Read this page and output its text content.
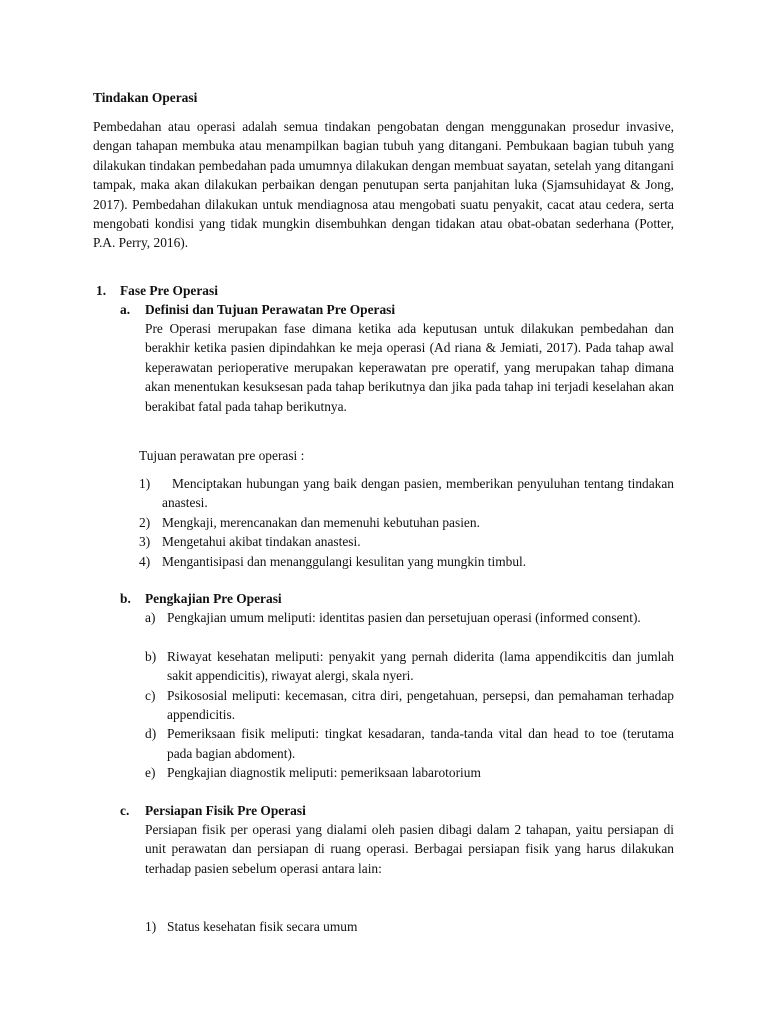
Tindakan Operasi

Pembedahan atau operasi adalah semua tindakan pengobatan dengan menggunakan prosedur invasive, dengan tahapan membuka atau menampilkan bagian tubuh yang ditangani. Pembukaan bagian tubuh yang dilakukan tindakan pembedahan pada umumnya dilakukan dengan membuat sayatan, setelah yang ditangani tampak, maka akan dilakukan perbaikan dengan penutupan serta panjahitan luka (Sjamsuhidayat & Jong, 2017). Pembedahan dilakukan untuk mendiagnosa atau mengobati suatu penyakit, cacat atau cedera, serta mengobati kondisi yang tidak mungkin disembuhkan dengan tidakan atau obat-obatan sederhana (Potter, P.A. Perry, 2016).

1. Fase Pre Operasi
a. Definisi dan Tujuan Perawatan Pre Operasi

Pre Operasi merupakan fase dimana ketika ada keputusan untuk dilakukan pembedahan dan berakhir ketika pasien dipindahkan ke meja operasi (Ad riana & Jemiati, 2017). Pada tahap awal keperawatan perioperative merupakan keperawatan pre operatif, yang merupakan tahap dimana akan menentukan kesuksesan pada tahap berikutnya dan jika pada tahap ini terjadi keselahan akan berakibat fatal pada tahap berikutnya.

Tujuan perawatan pre operasi :
1)	Menciptakan hubungan yang baik dengan pasien, memberikan penyuluhan tentang tindakan anastesi.
2) Mengkaji, merencanakan dan memenuhi kebutuhan pasien.
3) Mengetahui akibat tindakan anastesi.
4) Mengantisipasi dan menanggulangi kesulitan yang mungkin timbul.
b. Pengkajian Pre Operasi
a) Pengkajian umum meliputi: identitas pasien dan persetujuan operasi (informed consent).
b) Riwayat kesehatan meliputi: penyakit yang pernah diderita (lama appendikcitis dan jumlah sakit appendicitis), riwayat alergi, skala nyeri.
c) Psikososial meliputi: kecemasan, citra diri, pengetahuan, persepsi, dan pemahaman terhadap appendicitis.
d) Pemeriksaan fisik meliputi: tingkat kesadaran, tanda-tanda vital dan head to toe (terutama pada bagian abdoment).
e) Pengkajian diagnostik meliputi: pemeriksaan labarotorium
c. Persiapan Fisik Pre Operasi

Persiapan fisik per operasi yang dialami oleh pasien dibagi dalam 2 tahapan, yaitu persiapan di unit perawatan dan persiapan di ruang operasi. Berbagai persiapan fisik yang harus dilakukan terhadap pasien sebelum operasi antara lain:

1) Status kesehatan fisik secara umum
